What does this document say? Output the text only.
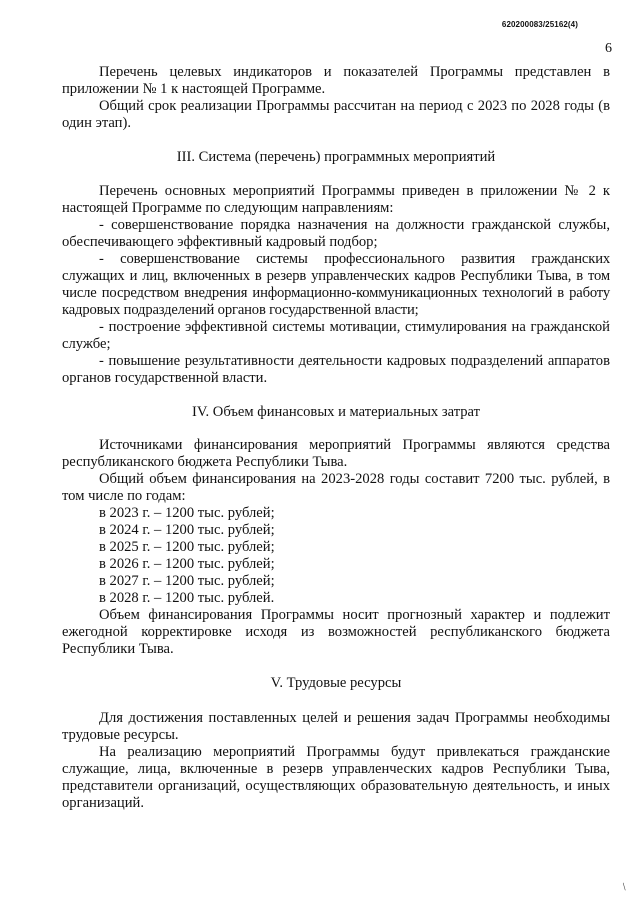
620200083/25162(4)
6

Перечень целевых индикаторов и показателей Программы представлен в приложении № 1 к настоящей Программе.

Общий срок реализации Программы рассчитан на период с 2023 по 2028 годы (в один этап).

III. Система (перечень) программных мероприятий

Перечень основных мероприятий Программы приведен в приложении № 2 к настоящей Программе по следующим направлениям:

- совершенствование порядка назначения на должности гражданской службы, обеспечивающего эффективный кадровый подбор;

- совершенствование системы профессионального развития гражданских служащих и лиц, включенных в резерв управленческих кадров Республики Тыва, в том числе посредством внедрения информационно-коммуникационных технологий в работу кадровых подразделений органов государственной власти;

- построение эффективной системы мотивации, стимулирования на гражданской службе;

- повышение результативности деятельности кадровых подразделений аппаратов органов государственной власти.

IV. Объем финансовых и материальных затрат

Источниками финансирования мероприятий Программы являются средства республиканского бюджета Республики Тыва.

Общий объем финансирования на 2023-2028 годы составит 7200 тыс. рублей, в том числе по годам:

в 2023 г. – 1200 тыс. рублей;

в 2024 г. – 1200 тыс. рублей;

в 2025 г. – 1200 тыс. рублей;

в 2026 г. – 1200 тыс. рублей;

в 2027 г. – 1200 тыс. рублей;

в 2028 г. – 1200 тыс. рублей.

Объем финансирования Программы носит прогнозный характер и подлежит ежегодной корректировке исходя из возможностей республиканского бюджета Республики Тыва.

V. Трудовые ресурсы

Для достижения поставленных целей и решения задач Программы необходимы трудовые ресурсы.

На реализацию мероприятий Программы будут привлекаться гражданские служащие, лица, включенные в резерв управленческих кадров Республики Тыва, представители организаций, осуществляющих образовательную деятельность, и иных организаций.

/
